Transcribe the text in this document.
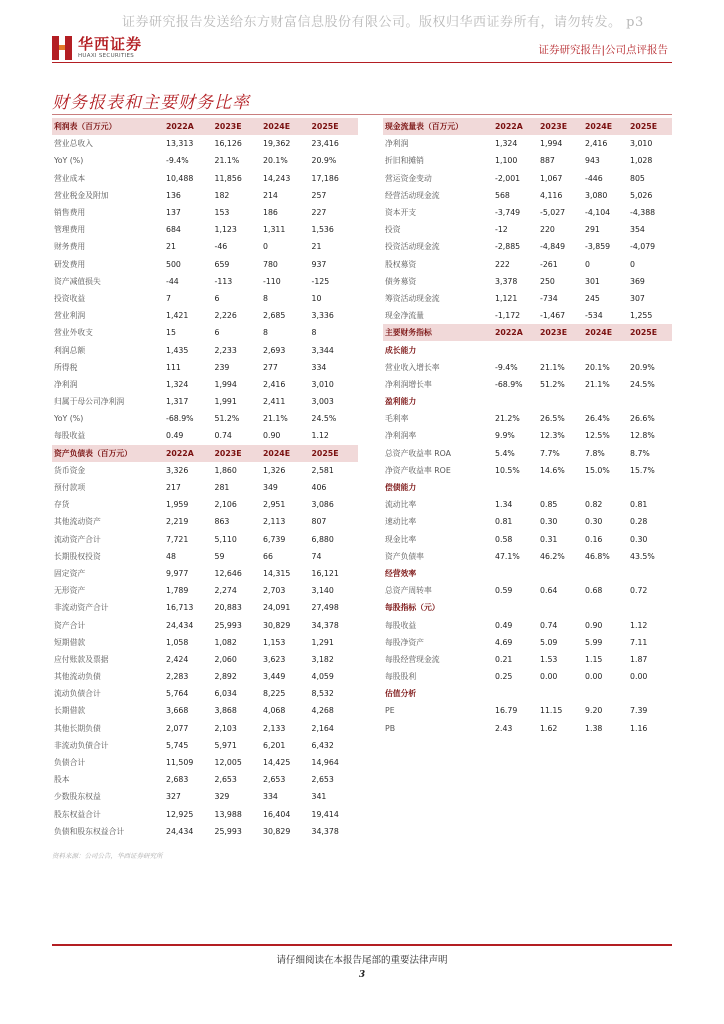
证券研究报告发送给东方财富信息股份有限公司。版权归华西证券所有，请勿转发。 p3
华西证券
HUAXI SECURITIES	证券研究报告|公司点评报告
财务报表和主要财务比率
利润表（百万元）	2022A	2023E	2024E	2025E
营业总收入	13,313	16,126	19,362	23,416
YoY (%)	-9.4%	21.1%	20.1%	20.9%
营业成本	10,488	11,856	14,243	17,186
营业税金及附加	136	182	214	257
销售费用	137	153	186	227
管理费用	684	1,123	1,311	1,536
财务费用	21	-46	0	21
研发费用	500	659	780	937
资产减值损失	-44	-113	-110	-125
投资收益	7	6	8	10
营业利润	1,421	2,226	2,685	3,336
营业外收支	15	6	8	8
利润总额	1,435	2,233	2,693	3,344
所得税	111	239	277	334
净利润	1,324	1,994	2,416	3,010
归属于母公司净利润	1,317	1,991	2,411	3,003
YoY (%)	-68.9%	51.2%	21.1%	24.5%
每股收益	0.49	0.74	0.90	1.12
资产负债表（百万元）	2022A	2023E	2024E	2025E
货币资金	3,326	1,860	1,326	2,581
预付款项	217	281	349	406
存货	1,959	2,106	2,951	3,086
其他流动资产	2,219	863	2,113	807
流动资产合计	7,721	5,110	6,739	6,880
长期股权投资	48	59	66	74
固定资产	9,977	12,646	14,315	16,121
无形资产	1,789	2,274	2,703	3,140
非流动资产合计	16,713	20,883	24,091	27,498
资产合计	24,434	25,993	30,829	34,378
短期借款	1,058	1,082	1,153	1,291
应付账款及票据	2,424	2,060	3,623	3,182
其他流动负债	2,283	2,892	3,449	4,059
流动负债合计	5,764	6,034	8,225	8,532
长期借款	3,668	3,868	4,068	4,268
其他长期负债	2,077	2,103	2,133	2,164
非流动负债合计	5,745	5,971	6,201	6,432
负债合计	11,509	12,005	14,425	14,964
股本	2,683	2,653	2,653	2,653
少数股东权益	327	329	334	341
股东权益合计	12,925	13,988	16,404	19,414
负债和股东权益合计	24,434	25,993	30,829	34,378
现金流量表（百万元）	2022A	2023E	2024E	2025E
净利润	1,324	1,994	2,416	3,010
折旧和摊销	1,100	887	943	1,028
营运资金变动	-2,001	1,067	-446	805
经营活动现金流	568	4,116	3,080	5,026
资本开支	-3,749	-5,027	-4,104	-4,388
投资	-12	220	291	354
投资活动现金流	-2,885	-4,849	-3,859	-4,079
股权募资	222	-261	0	0
债务募资	3,378	250	301	369
筹资活动现金流	1,121	-734	245	307
现金净流量	-1,172	-1,467	-534	1,255
主要财务指标	2022A	2023E	2024E	2025E
成长能力
营业收入增长率	-9.4%	21.1%	20.1%	20.9%
净利润增长率	-68.9%	51.2%	21.1%	24.5%
盈利能力
毛利率	21.2%	26.5%	26.4%	26.6%
净利润率	9.9%	12.3%	12.5%	12.8%
总资产收益率 ROA	5.4%	7.7%	7.8%	8.7%
净资产收益率 ROE	10.5%	14.6%	15.0%	15.7%
偿债能力
流动比率	1.34	0.85	0.82	0.81
速动比率	0.81	0.30	0.30	0.28
现金比率	0.58	0.31	0.16	0.30
资产负债率	47.1%	46.2%	46.8%	43.5%
经营效率
总资产周转率	0.59	0.64	0.68	0.72
每股指标（元）
每股收益	0.49	0.74	0.90	1.12
每股净资产	4.69	5.09	5.99	7.11
每股经营现金流	0.21	1.53	1.15	1.87
每股股利	0.25	0.00	0.00	0.00
估值分析
PE	16.79	11.15	9.20	7.39
PB	2.43	1.62	1.38	1.16
资料来源：公司公告，华西证券研究所
请仔细阅读在本报告尾部的重要法律声明
3
